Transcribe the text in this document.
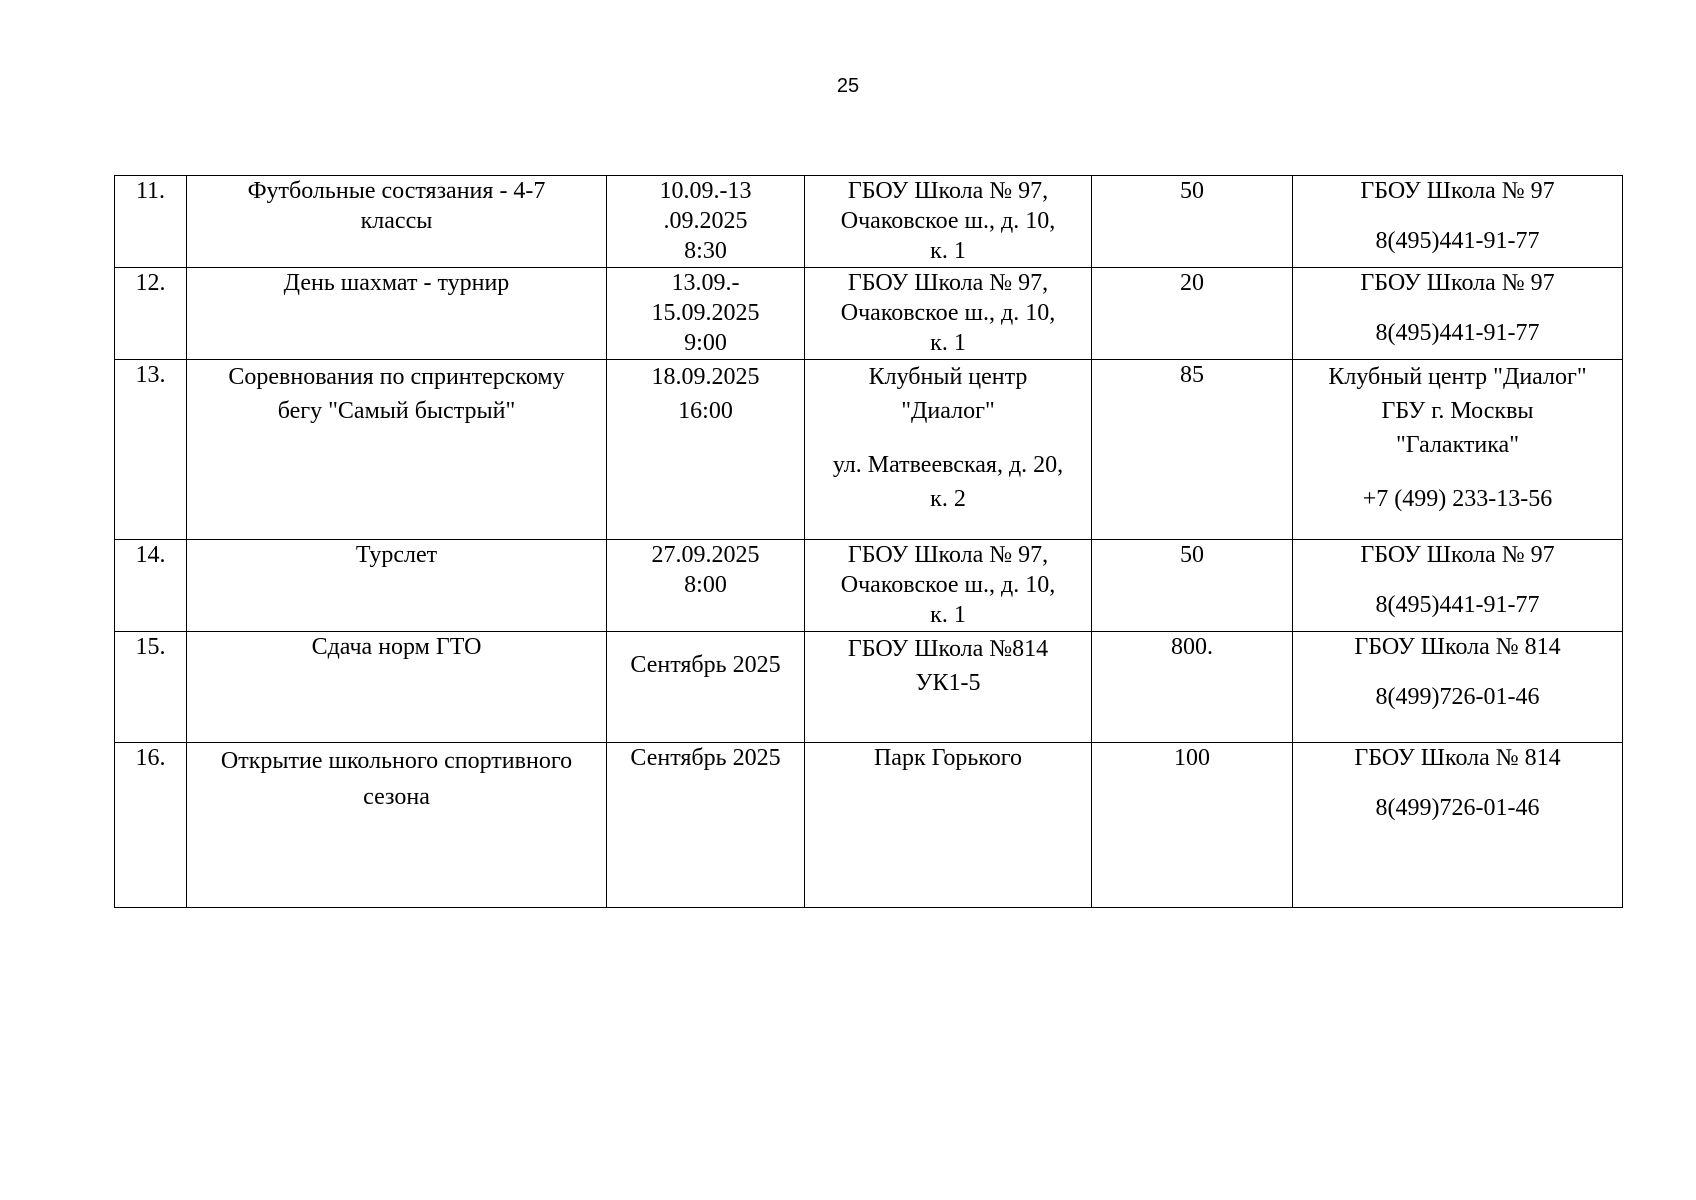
25
11.	Футбольные состязания - 4-7
классы	10.09.-13
.09.2025
8:30	ГБОУ Школа № 97,
Очаковское ш., д. 10,
к. 1	50	ГБОУ Школа № 97
8(495)441-91-77

12.	День шахмат - турнир	13.09.-
15.09.2025
9:00	ГБОУ Школа № 97,
Очаковское ш., д. 10,
к. 1	20	ГБОУ Школа № 97
8(495)441-91-77

13.	Соревнования по спринтерскому
бегу "Самый быстрый"	18.09.2025
16:00	Клубный центр
"Диалог"
ул. Матвеевская, д. 20,
к. 2	85	Клубный центр "Диалог"
ГБУ г. Москвы
"Галактика"
+7 (499) 233-13-56

14.	Турслет	27.09.2025
8:00	ГБОУ Школа № 97,
Очаковское ш., д. 10,
к. 1	50	ГБОУ Школа № 97
8(495)441-91-77

15.	Сдача норм ГТО	Сентябрь 2025	ГБОУ Школа №814
УК1-5	800.	ГБОУ Школа № 814
8(499)726-01-46

16.	Открытие школьного спортивного
сезона	Сентябрь 2025	Парк Горького	100	ГБОУ Школа № 814
8(499)726-01-46
